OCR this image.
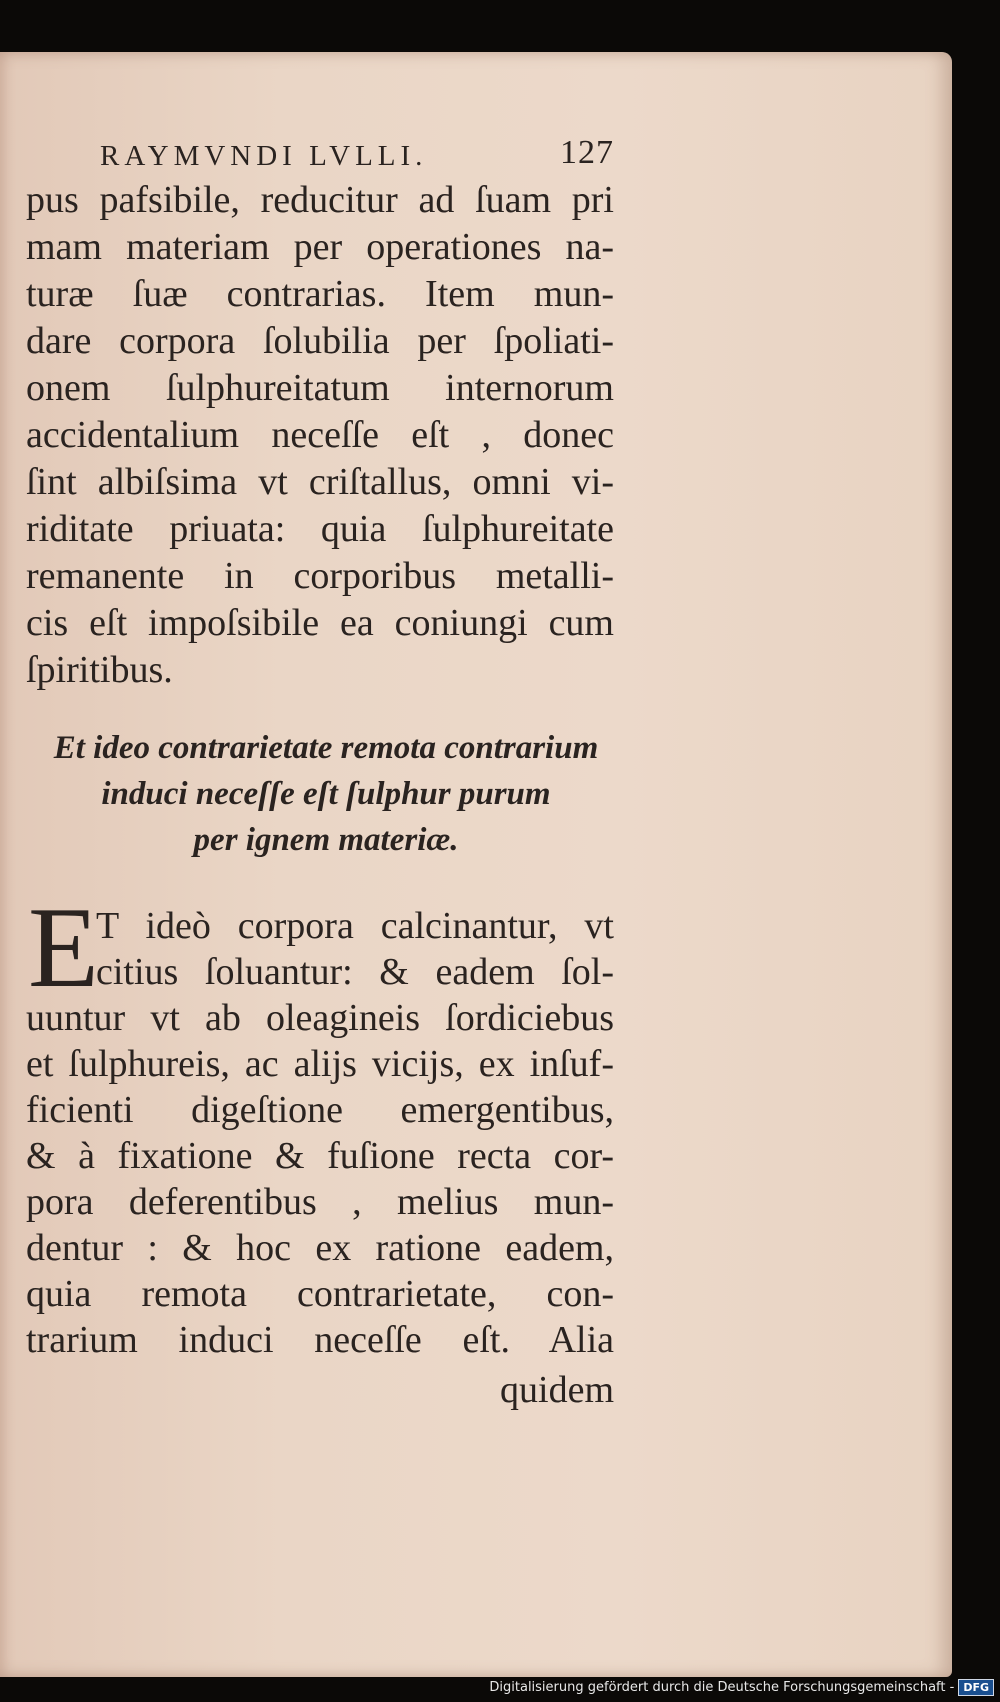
RAYMVNDI LVLLI.	127
pus pafsibile, reducitur ad ſuam pri
mam materiam per operationes na-
turæ ſuæ contrarias. Item mun-
dare corpora ſolubilia per ſpoliati-
onem ſulphureitatum internorum
accidentalium neceſſe eſt , donec
ſint albiſsima vt criſtallus, omni vi-
riditate priuata: quia ſulphureitate
remanente in corporibus metalli-
cis eſt impoſsibile ea coniungi cum
ſpiritibus.
Et ideo contrarietate remota contrarium
induci neceſſe eſt ſulphur purum
per ignem materiæ.
E
T ideò corpora calcinantur, vt
citius ſoluantur: & eadem ſol-
uuntur vt ab oleagineis ſordiciebus
et ſulphureis, ac alijs vicijs, ex inſuf-
ficienti digeſtione emergentibus,
& à fixatione & fuſione recta cor-
pora deferentibus , melius mun-
dentur : & hoc ex ratione eadem,
quia remota contrarietate, con-
trarium induci neceſſe eſt. Alia
quidem
Digitalisierung gefördert durch die Deutsche Forschungsgemeinschaft - DFG
